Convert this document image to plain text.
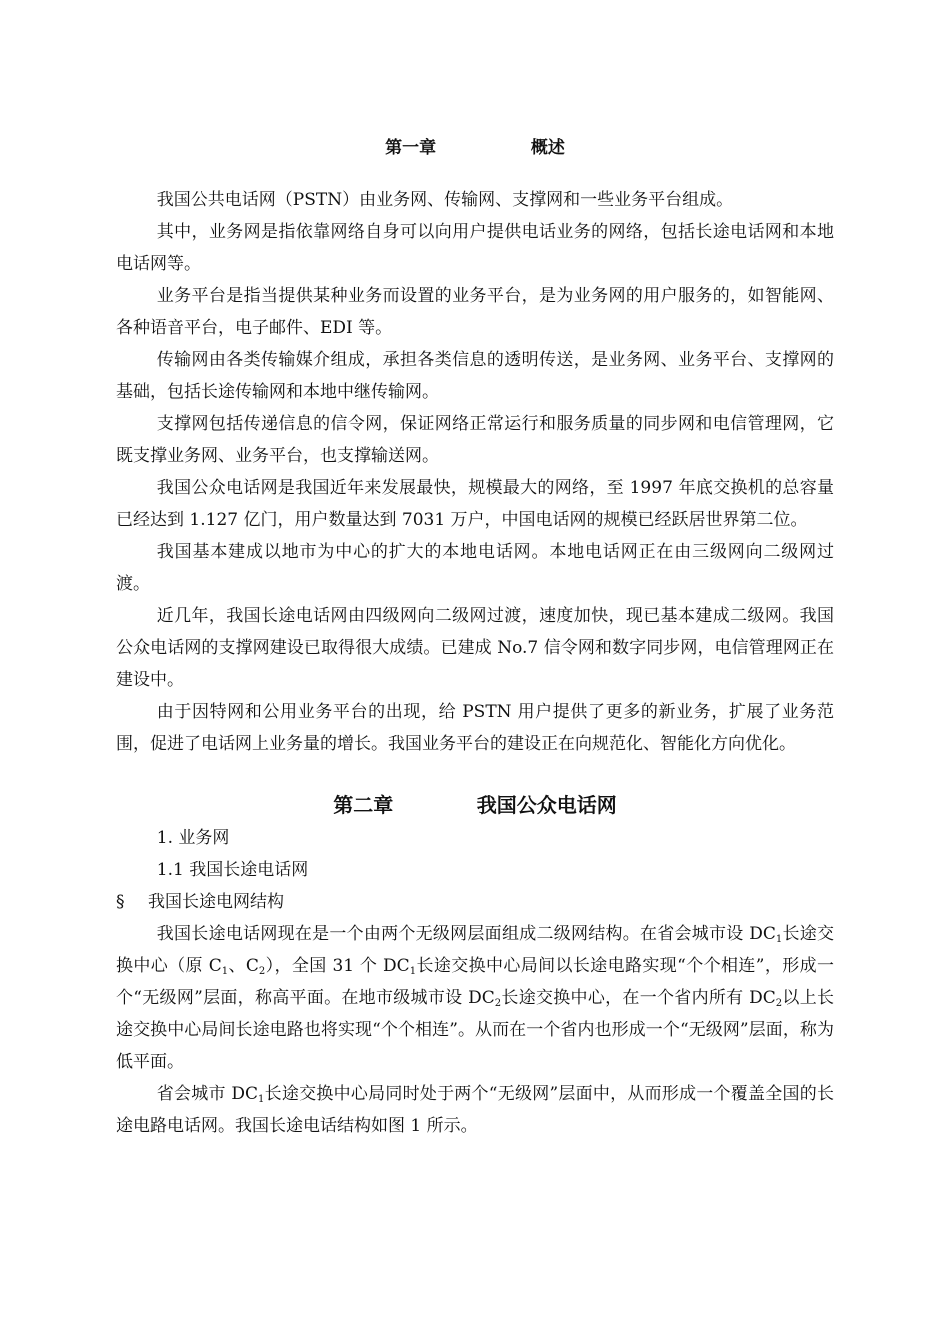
第一章                概述

我国公共电话网（PSTN）由业务网、传输网、支撑网和一些业务平台组成。

其中，业务网是指依靠网络自身可以向用户提供电话业务的网络，包括长途电话网和本地电话网等。

业务平台是指当提供某种业务而设置的业务平台，是为业务网的用户服务的，如智能网、各种语音平台，电子邮件、EDI 等。

传输网由各类传输媒介组成，承担各类信息的透明传送，是业务网、业务平台、支撑网的基础，包括长途传输网和本地中继传输网。

支撑网包括传递信息的信令网，保证网络正常运行和服务质量的同步网和电信管理网，它既支撑业务网、业务平台，也支撑输送网。

我国公众电话网是我国近年来发展最快，规模最大的网络，至 1997 年底交换机的总容量已经达到 1.127 亿门，用户数量达到 7031 万户，中国电话网的规模已经跃居世界第二位。

我国基本建成以地市为中心的扩大的本地电话网。本地电话网正在由三级网向二级网过渡。

近几年，我国长途电话网由四级网向二级网过渡，速度加快，现已基本建成二级网。我国公众电话网的支撑网建设已取得很大成绩。已建成 No.7 信令网和数字同步网，电信管理网正在建设中。

由于因特网和公用业务平台的出现，给 PSTN 用户提供了更多的新业务，扩展了业务范围，促进了电话网上业务量的增长。我国业务平台的建设正在向规范化、智能化方向优化。

第二章            我国公众电话网

1. 业务网

1.1 我国长途电话网

§ 我国长途电网结构

我国长途电话网现在是一个由两个无级网层面组成二级网结构。在省会城市设 $DC_1$长途交换中心（原 $C_1$、$C_2$），全国 31 个 $DC_1$长途交换中心局间以长途电路实现“个个相连”，形成一个“无级网”层面，称高平面。在地市级城市设 $DC_2$长途交换中心，在一个省内所有 $DC_2$以上长途交换中心局间长途电路也将实现“个个相连”。从而在一个省内也形成一个“无级网”层面，称为低平面。

省会城市 $DC_1$长途交换中心局同时处于两个“无级网”层面中，从而形成一个覆盖全国的长途电路电话网。我国长途电话结构如图 1 所示。
